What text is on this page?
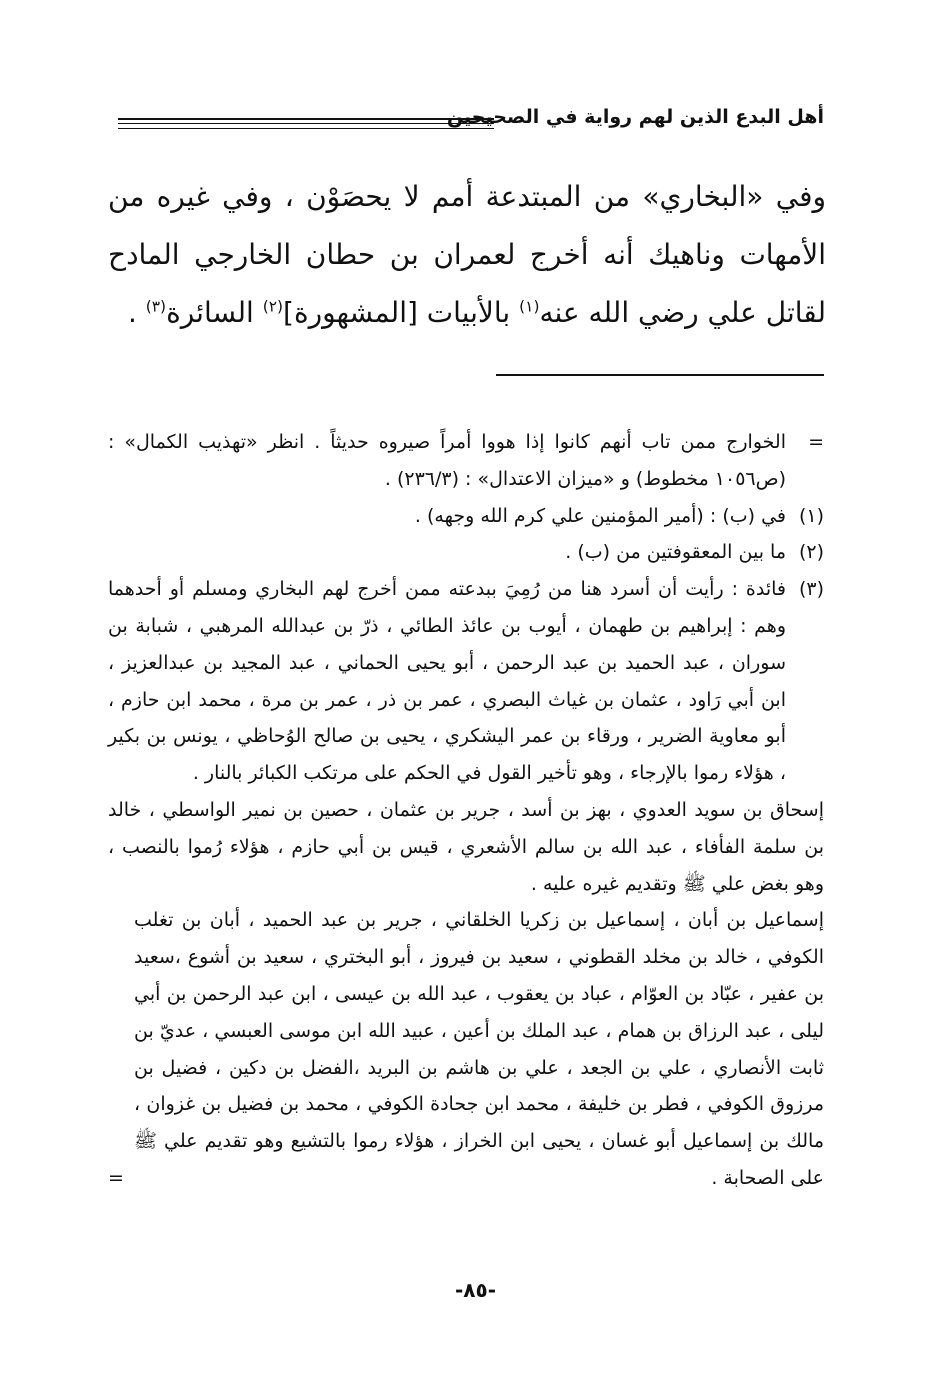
أهل البدع الذين لهم رواية في الصحيحين
وفي «البخاري» من المبتدعة أمم لا يحصَوْن ، وفي غيره من الأمهات وناهيك أنه أخرج لعمران بن حطان الخارجي المادح لقاتل علي رضي الله عنه$^{(١)}$ بالأبيات [المشهورة]$^{(٢)}$ السائرة$^{(٣)}$ .
=
الخوارج ممن تاب أنهم كانوا إذا هووا أمراً صيروه حديثاً . انظر «تهذيب الكمال» : (ص١٠٥٦ مخطوط) و «ميزان الاعتدال» : (٢٣٦/٣) .
(١)
في (ب) : (أمير المؤمنين علي كرم الله وجهه) .
(٢)
ما بين المعقوفتين من (ب) .
(٣)
فائدة : رأيت أن أسرد هنا من رُمِيَ ببدعته ممن أخرج لهم البخاري ومسلم أو أحدهما وهم : إبراهيم بن طهمان ، أيوب بن عائذ الطائي ، ذرّ بن عبدالله المرهبي ، شبابة بن سوران ، عبد الحميد بن عبد الرحمن ، أبو يحيى الحماني ، عبد المجيد بن عبدالعزيز ، ابن أبي رَاود ، عثمان بن غياث البصري ، عمر بن ذر ، عمر بن مرة ، محمد ابن حازم ، أبو معاوية الضرير ، ورقاء بن عمر اليشكري ، يحيى بن صالح الوُحاظي ، يونس بن بكير ، هؤلاء رموا بالإرجاء ، وهو تأخير القول في الحكم على مرتكب الكبائر بالنار .

إسحاق بن سويد العدوي ، بهز بن أسد ، جرير بن عثمان ، حصين بن نمير الواسطي ، خالد بن سلمة الفأفاء ، عبد الله بن سالم الأشعري ، قيس بن أبي حازم ، هؤلاء رُموا بالنصب ، وهو بغض علي ﷺ وتقديم غيره عليه .

إسماعيل بن أبان ، إسماعيل بن زكريا الخلقاني ، جرير بن عبد الحميد ، أبان بن تغلب الكوفي ، خالد بن مخلد القطوني ، سعيد بن فيروز ، أبو البختري ، سعيد بن أشوع ،سعيد بن عفير ، عبّاد بن العوّام ، عباد بن يعقوب ، عبد الله بن عيسى ، ابن عبد الرحمن بن أبي ليلى ، عبد الرزاق بن همام ، عبد الملك بن أعين ، عبيد الله ابن موسى العبسي ، عديّ بن ثابت الأنصاري ، علي بن الجعد ، علي بن هاشم بن البريد ،الفضل بن دكين ، فضيل بن مرزوق الكوفي ، فطر بن خليفة ، محمد ابن جحادة الكوفي ، محمد بن فضيل بن غزوان ، مالك بن إسماعيل أبو غسان ، يحيى ابن الخراز ، هؤلاء رموا بالتشيع وهو تقديم علي ﷺ على الصحابة .

=
-٨٥-
